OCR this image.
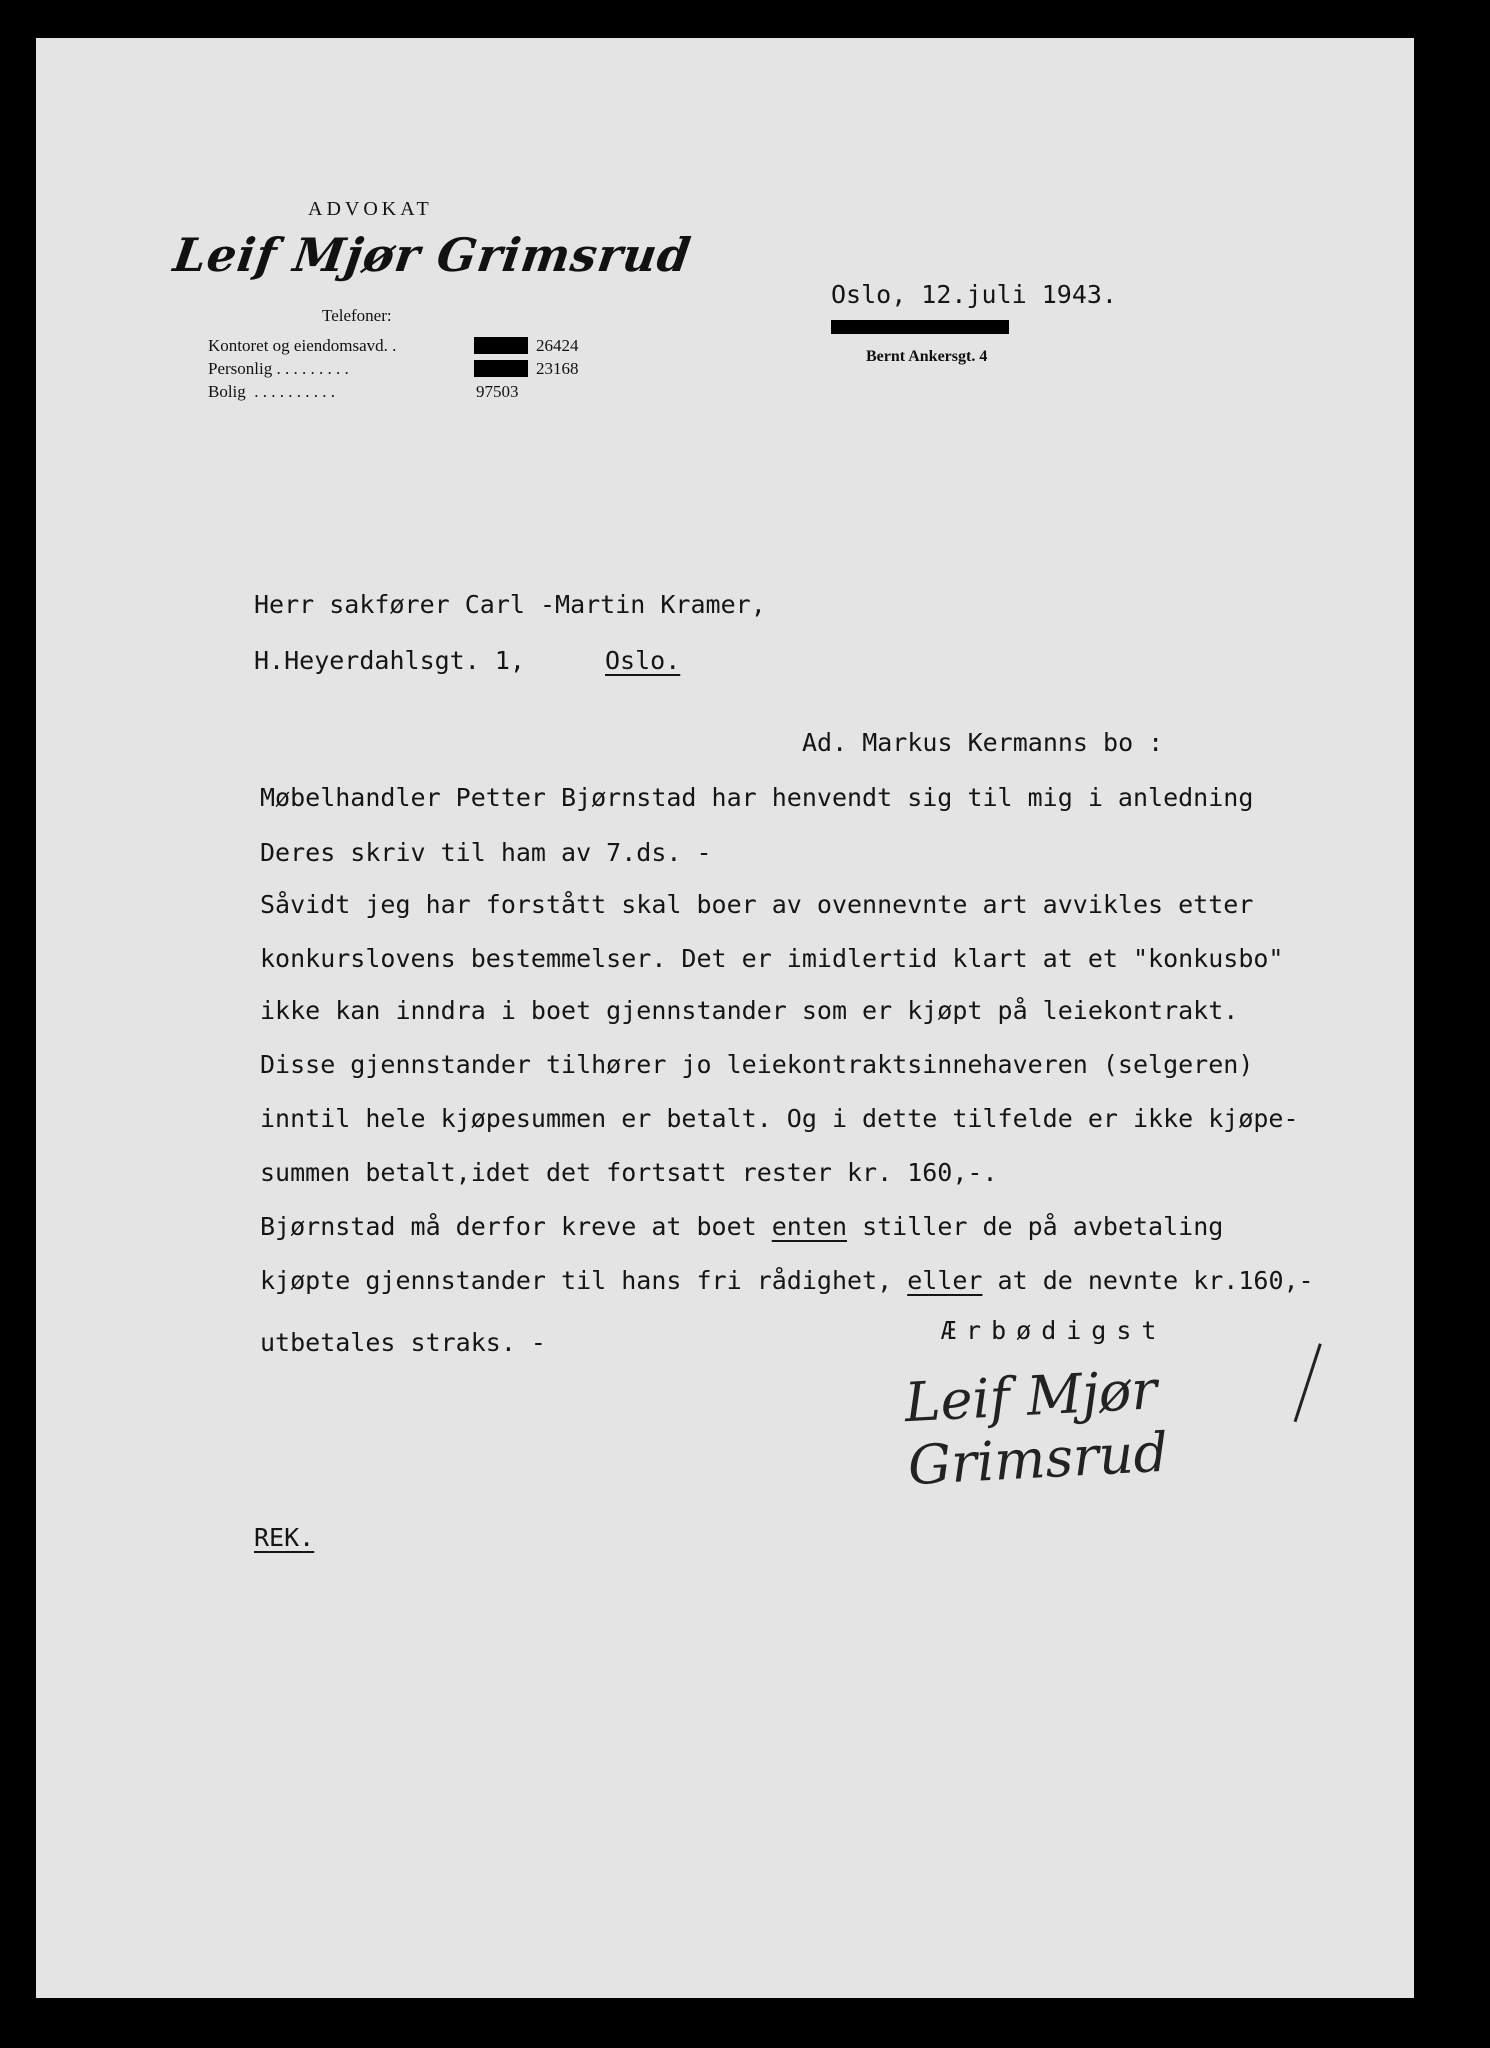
ADVOKAT
Leif Mjør Grimsrud
Telefoner:
Kontoret og eiendomsavd. .	26424
Personlig . . . . . . . . .	23168
Bolig  . . . . . . . . . .	97503
Oslo, 12.juli 1943.
Bernt Ankersgt. 4
Herr sakfører Carl -Martin Kramer,
H.Heyerdahlsgt. 1,	Oslo.
Ad. Markus Kermanns bo :
Møbelhandler Petter Bjørnstad har henvendt sig til mig i anledning
Deres skriv til ham av 7.ds. -
Såvidt jeg har forstått skal boer av ovennevnte art avvikles etter
konkurslovens bestemmelser. Det er imidlertid klart at et "konkusbo"
ikke kan inndra i boet gjennstander som er kjøpt på leiekontrakt.
Disse gjennstander tilhører jo leiekontraktsinnehaveren (selgeren)
inntil hele kjøpesummen er betalt. Og i dette tilfelde er ikke kjøpe-
summen betalt,idet det fortsatt rester kr. 160,-.
Bjørnstad må derfor kreve at boet enten stiller de på avbetaling
kjøpte gjennstander til hans fri rådighet, eller at de nevnte kr.160,-
utbetales straks. -	Ærbødigst
Leif Mjør Grimsrud
REK.
